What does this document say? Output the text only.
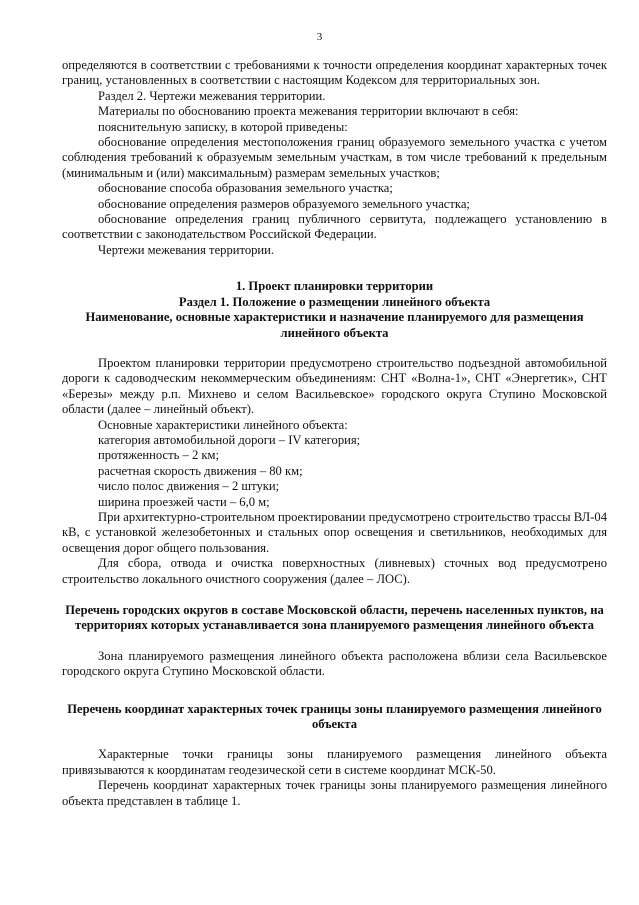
3

определяются в соответствии с требованиями к точности определения координат характерных точек границ, установленных в соответствии с настоящим Кодексом для территориальных зон.

Раздел 2. Чертежи межевания территории.

Материалы по обоснованию проекта межевания территории включают в себя:

пояснительную записку, в которой приведены:

обоснование определения местоположения границ образуемого земельного участка с учетом соблюдения требований к образуемым земельным участкам, в том числе требований к предельным (минимальным и (или) максимальным) размерам земельных участков;

обоснование способа образования земельного участка;

обоснование определения размеров образуемого земельного участка;

обоснование определения границ публичного сервитута, подлежащего установлению в соответствии с законодательством Российской Федерации.

Чертежи межевания территории.

1. Проект планировки территории

Раздел 1. Положение о размещении линейного объекта

Наименование, основные характеристики и назначение планируемого для размещения линейного объекта

Проектом планировки территории предусмотрено строительство подъездной автомобильной дороги к садоводческим некоммерческим объединениям: СНТ «Волна-1», СНТ «Энергетик», СНТ «Березы» между р.п. Михнево и селом Васильевское» городского округа Ступино Московской области (далее – линейный объект).

Основные характеристики линейного объекта:

категория автомобильной дороги – IV категория;

протяженность – 2 км;

расчетная скорость движения – 80 км;

число полос движения – 2 штуки;

ширина проезжей части – 6,0 м;

При архитектурно-строительном проектировании предусмотрено строительство трассы ВЛ-04 кВ, с установкой железобетонных и стальных опор освещения и светильников, необходимых для освещения дорог общего пользования.

Для сбора, отвода и очистка поверхностных (ливневых) сточных вод предусмотрено строительство локального очистного сооружения (далее – ЛОС).

Перечень городских округов в составе Московской области, перечень населенных пунктов, на территориях которых устанавливается зона планируемого размещения линейного объекта

Зона планируемого размещения линейного объекта расположена вблизи села Васильевское городского округа Ступино Московской области.

Перечень координат характерных точек границы зоны планируемого размещения линейного объекта

Характерные точки границы зоны планируемого размещения линейного объекта привязываются к координатам геодезической сети в системе координат МСК-50.

Перечень координат характерных точек границы зоны планируемого размещения линейного объекта представлен в таблице 1.
